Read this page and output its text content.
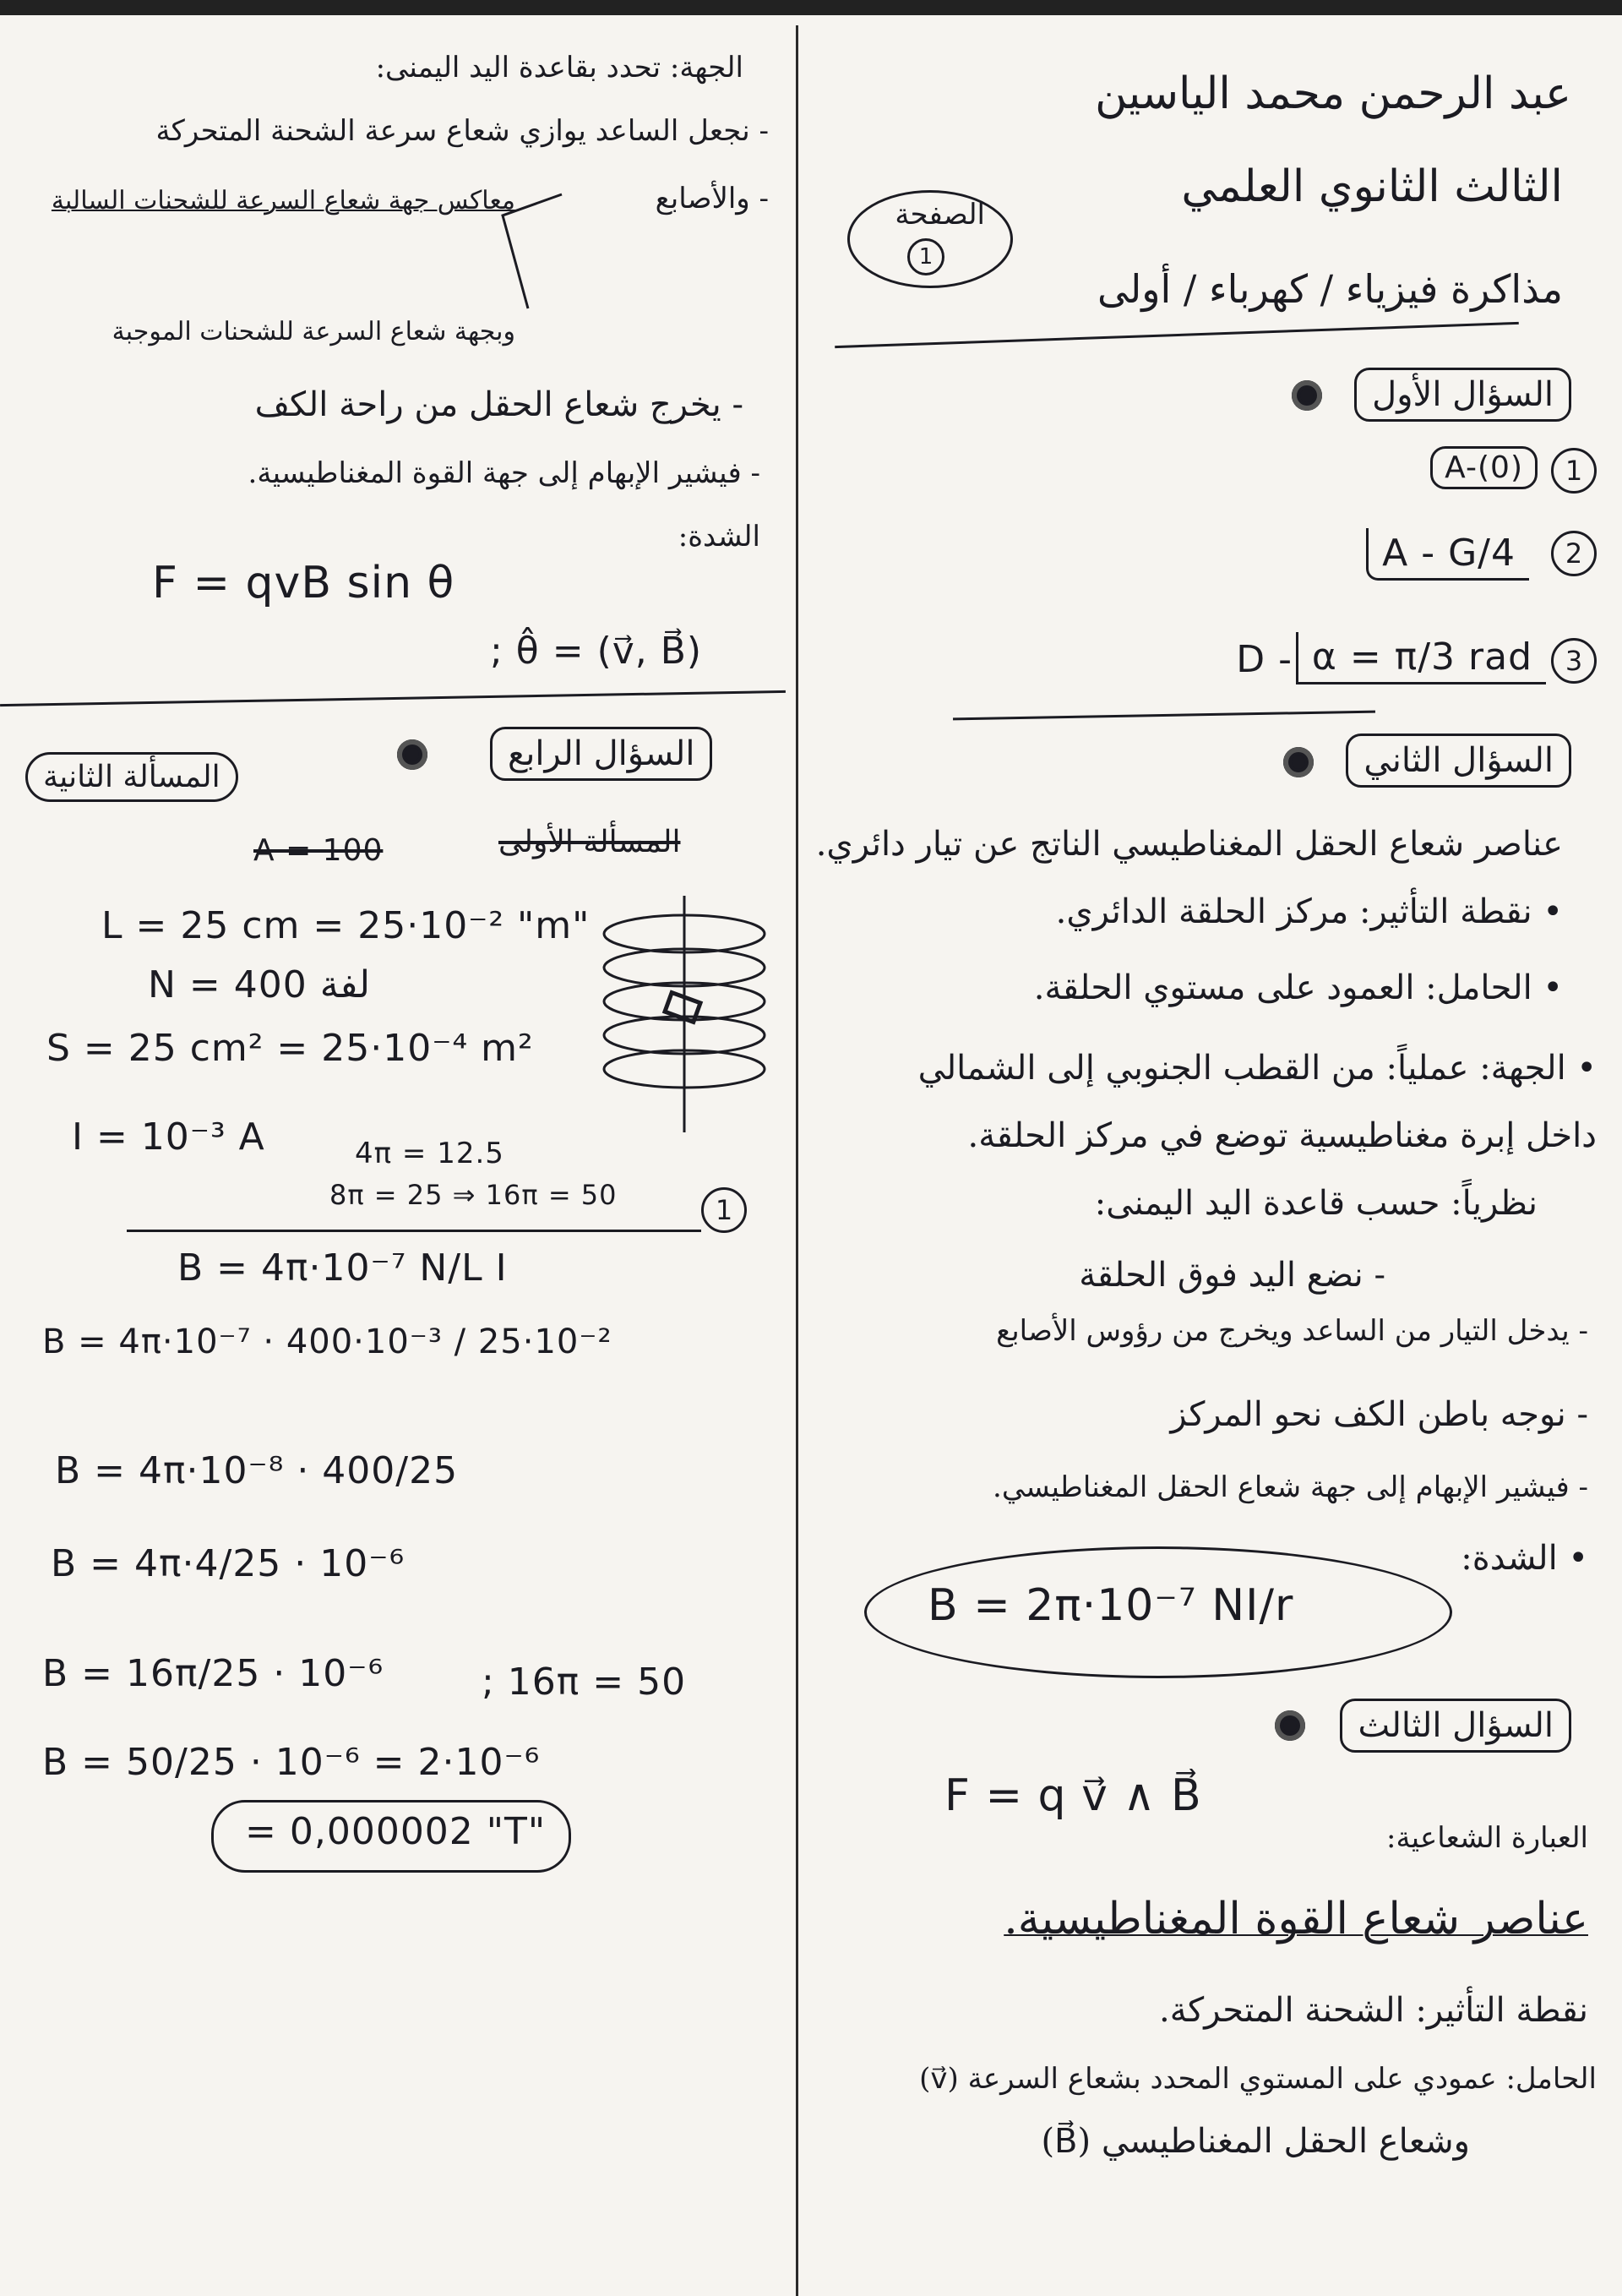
عبد الرحمن محمد الياسين
الثالث الثانوي العلمي
مذاكرة فيزياء / كهرباء / أولى
الصفحة
1
السؤال الأول
1
A-(0)
2
A - G/4
3
D - α = π/3 rad
السؤال الثاني
عناصر شعاع الحقل المغناطيسي الناتج عن تيار دائري.
• نقطة التأثير: مركز الحلقة الدائري.
• الحامل: العمود على مستوي الحلقة.
• الجهة: عملياً: من القطب الجنوبي إلى الشمالي
داخل إبرة مغناطيسية توضع في مركز الحلقة.
نظرياً: حسب قاعدة اليد اليمنى:
- نضع اليد فوق الحلقة
- يدخل التيار من الساعد ويخرج من رؤوس الأصابع
- نوجه باطن الكف نحو المركز
- فيشير الإبهام إلى جهة شعاع الحقل المغناطيسي.
• الشدة:
B = 2π·10⁻⁷ NI/r
السؤال الثالث
F = q v⃗ ∧ B⃗
العبارة الشعاعية:
عناصر شعاع القوة المغناطيسية.
نقطة التأثير: الشحنة المتحركة.
الحامل: عمودي على المستوي المحدد بشعاع السرعة (v⃗)
وشعاع الحقل المغناطيسي (B⃗)
الجهة: تحدد بقاعدة اليد اليمنى:
- نجعل الساعد يوازي شعاع سرعة الشحنة المتحركة
- والأصابع
معاكس جهة شعاع السرعة للشحنات السالبة
وبجهة شعاع السرعة للشحنات الموجبة
- يخرج شعاع الحقل من راحة الكف
- فيشير الإبهام إلى جهة القوة المغناطيسية.
الشدة:
F = qvB sin θ
; θ̂ = (v⃗, B⃗)
السؤال الرابع
المسألة الثانية
A = 100	المسألة الأولى
L = 25 cm = 25·10⁻² "m"
N = 400 لفة
S = 25 cm² = 25·10⁻⁴ m²
I = 10⁻³ A	4π = 12.5
8π = 25 ⇒ 16π = 50	1
B = 4π·10⁻⁷ N/L I
B = 4π·10⁻⁷ · 400·10⁻³ / 25·10⁻²
B = 4π·10⁻⁸ · 400/25
B = 4π·4/25 · 10⁻⁶
B = 16π/25 · 10⁻⁶	; 16π = 50
B = 50/25 · 10⁻⁶ = 2·10⁻⁶
= 0,000002 "T"
